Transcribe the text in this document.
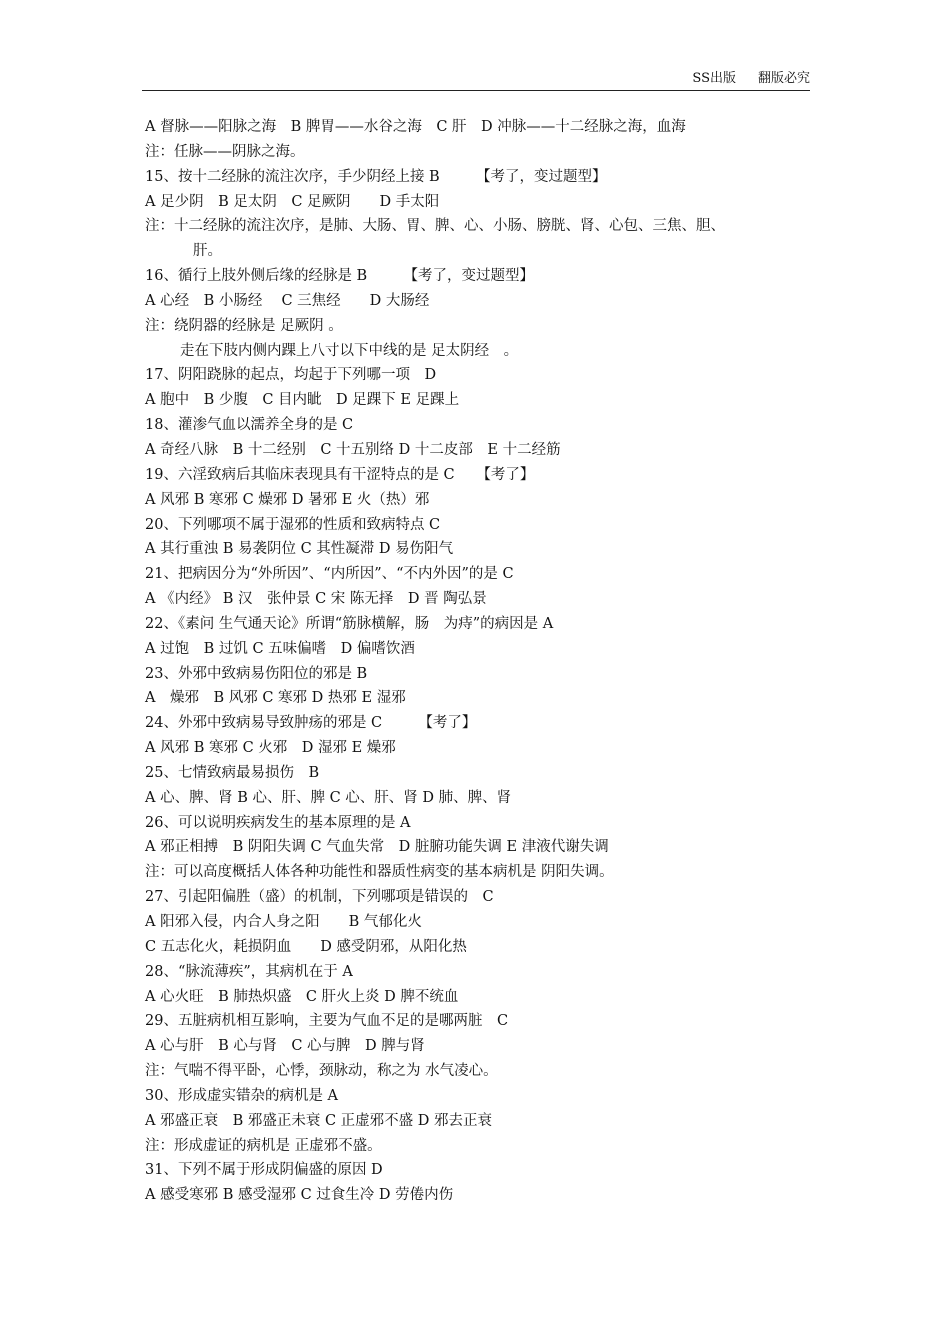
SS出版 翻版必究
A 督脉——阳脉之海　B 脾胃——水谷之海　C 肝　D 冲脉——十二经脉之海，血海
注：任脉——阴脉之海。
15、按十二经脉的流注次序，手少阴经上接 B　　　【考了，变过题型】
A 足少阴　B 足太阴　C 足厥阴　　D 手太阳
注：十二经脉的流注次序，是肺、大肠、胃、脾、心、小肠、膀胱、肾、心包、三焦、胆、
肝。
16、循行上肢外侧后缘的经脉是 B　　　【考了，变过题型】
A 心经　B 小肠经　 C 三焦经　　D 大肠经
注：绕阴器的经脉是 足厥阴 。
走在下肢内侧内踝上八寸以下中线的是 足太阴经　。
17、阴阳跷脉的起点，均起于下列哪一项　D
A 胞中　B 少腹　C 目内眦　D 足踝下 E 足踝上
18、灌渗气血以濡养全身的是 C
A 奇经八脉　B 十二经别　C 十五别络 D 十二皮部　E 十二经筋
19、六淫致病后其临床表现具有干涩特点的是 C　　【考了】
A 风邪 B 寒邪 C 燥邪 D 暑邪 E 火（热）邪
20、下列哪项不属于湿邪的性质和致病特点 C
A 其行重浊 B 易袭阴位 C 其性凝滞 D 易伤阳气
21、把病因分为“外所因”、“内所因”、“不内外因”的是 C
A 《内经》 B 汉　张仲景 C 宋 陈无择　D 晋 陶弘景
22、《素问 生气通天论》所谓“筋脉横解，肠　为痔”的病因是 A
A 过饱　B 过饥 C 五味偏嗜　D 偏嗜饮酒
23、外邪中致病易伤阳位的邪是 B
A　燥邪　B 风邪 C 寒邪 D 热邪 E 湿邪
24、外邪中致病易导致肿疡的邪是 C　　　【考了】
A 风邪 B 寒邪 C 火邪　D 湿邪 E 燥邪
25、七情致病最易损伤　B
A 心、脾、肾 B 心、肝、脾 C 心、肝、肾 D 肺、脾、肾
26、可以说明疾病发生的基本原理的是 A
A 邪正相搏　B 阴阳失调 C 气血失常　D 脏腑功能失调 E 津液代谢失调
注：可以高度概括人体各种功能性和器质性病变的基本病机是 阴阳失调。
27、引起阳偏胜（盛）的机制，下列哪项是错误的　C
A 阳邪入侵，内合人身之阳　　B 气郁化火
C 五志化火，耗损阴血　　D 感受阴邪，从阳化热
28、“脉流薄疾”，其病机在于 A
A 心火旺　B 肺热炽盛　C 肝火上炎 D 脾不统血
29、五脏病机相互影响，主要为气血不足的是哪两脏　C
A 心与肝　B 心与肾　C 心与脾　D 脾与肾
注：气喘不得平卧，心悸，颈脉动，称之为 水气凌心。
30、形成虚实错杂的病机是 A
A 邪盛正衰　B 邪盛正未衰 C 正虚邪不盛 D 邪去正衰
注：形成虚证的病机是 正虚邪不盛。
31、下列不属于形成阴偏盛的原因 D
A 感受寒邪 B 感受湿邪 C 过食生冷 D 劳倦内伤
